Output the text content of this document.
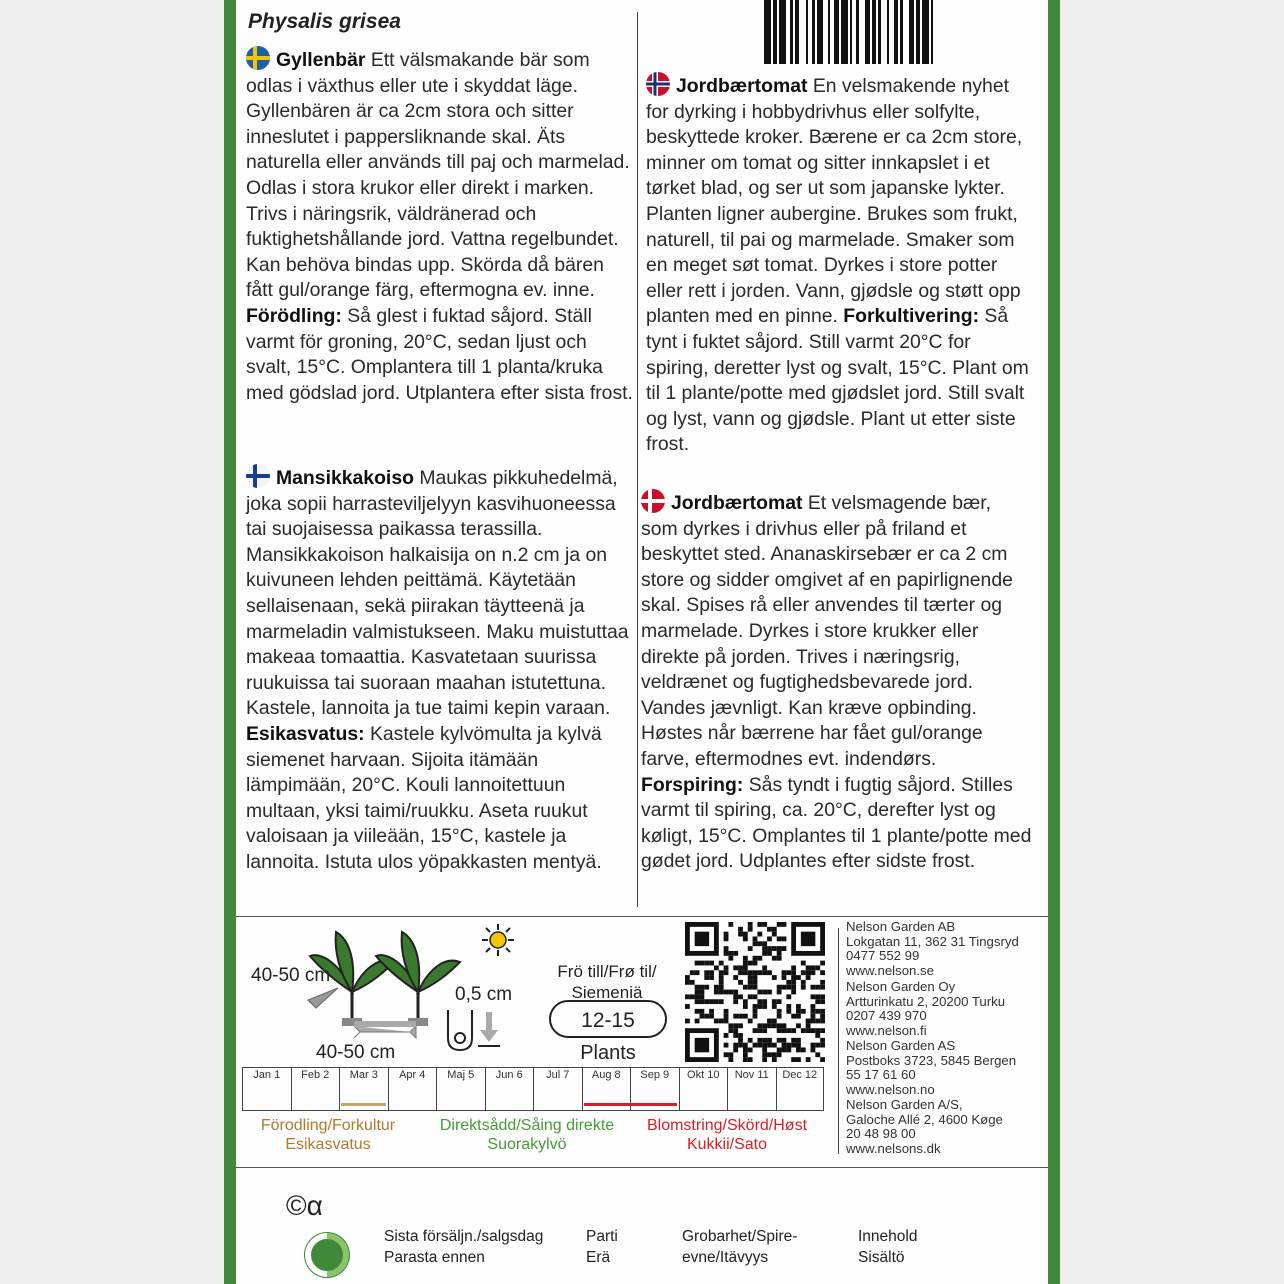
Physalis grisea
Gyllenbär Ett välsmakande bär som odlas i växthus eller ute i skyddat läge. Gyllenbären är ca 2cm stora och sitter inneslutet i pappersliknande skal. Äts naturella eller används till paj och marmelad. Odlas i stora krukor eller direkt i marken. Trivs i näringsrik, väldränerad och fuktighetshållande jord. Vattna regelbundet. Kan behöva bindas upp. Skörda då bären fått gul/orange färg, eftermogna ev. inne. Förödling: Så glest i fuktad såjord. Ställ varmt för groning, 20°C, sedan ljust och svalt, 15°C. Omplantera till 1 planta/kruka med gödslad jord. Utplantera efter sista frost.
Jordbærtomat En velsmakende nyhet for dyrking i hobbydrivhus eller solfylte, beskyttede kroker. Bærene er ca 2cm store, minner om tomat og sitter innkapslet i et tørket blad, og ser ut som japanske lykter. Planten ligner aubergine. Brukes som frukt, naturell, til pai og marmelade. Smaker som en meget søt tomat. Dyrkes i store potter eller rett i jorden. Vann, gjødsle og støtt opp planten med en pinne. Forkultivering: Så tynt i fuktet såjord. Still varmt 20°C for spiring, deretter lyst og svalt, 15°C. Plant om til 1 plante/potte med gjødslet jord. Still svalt og lyst, vann og gjødsle. Plant ut etter siste frost.
Mansikkakoiso Maukas pikkuhedelmä, joka sopii harrasteviljelyyn kasvihuoneessa tai suojaisessa paikassa terassilla. Mansikkakoison halkaisija on n.2 cm ja on kuivuneen lehden peittämä. Käytetään sellaisenaan, sekä piirakan täytteenä ja marmeladin valmistukseen. Maku muistuttaa makeaa tomaattia. Kasvatetaan suurissa ruukuissa tai suoraan maahan istutettuna. Kastele, lannoita ja tue taimi kepin varaan. Esikasvatus: Kastele kylvömulta ja kylvä siemenet harvaan. Sijoita itämään lämpimään, 20°C. Kouli lannoitettuun multaan, yksi taimi/ruukku. Aseta ruukut valoisaan ja viileään, 15°C, kastele ja lannoita. Istuta ulos yöpakkasten mentyä.
Jordbærtomat Et velsmagende bær, som dyrkes i drivhus eller på friland et beskyttet sted. Ananaskirsebær er ca 2 cm store og sidder omgivet af en papirlignende skal. Spises rå eller anvendes til tærter og marmelade. Dyrkes i store krukker eller direkte på jorden. Trives i næringsrig, veldrænet og fugtighedsbevarede jord. Vandes jævnligt. Kan kræve opbinding. Høstes når bærrene har fået gul/orange farve, eftermodnes evt. indendørs. Forspiring: Sås tyndt i fugtig såjord. Stilles varmt til spiring, ca. 20°C, derefter lyst og køligt, 15°C. Omplantes til 1 plante/potte med gødet jord. Udplantes efter sidste frost.
40-50 cm
40-50 cm
0,5 cm
Frö till/Frø til/ Siemeniä
12-15
Plants
Nelson Garden AB
Lokgatan 11, 362 31 Tingsryd
0477 552 99
www.nelson.se
Nelson Garden Oy
Artturinkatu 2, 20200 Turku
0207 439 970
www.nelson.fi
Nelson Garden AS
Postboks 3723, 5845 Bergen
55 17 61 60
www.nelson.no
Nelson Garden A/S,
Galoche Allé 2, 4600 Køge
20 48 98 00
www.nelsons.dk
Jan 1	Feb 2	Mar 3	Apr 4	Maj 5	Jun 6	Jul 7	Aug 8	Sep 9	Okt 10	Nov 11	Dec 12
Förodling/Forkultur
Esikasvatus
Direktsådd/Såing direkte
Suorakylvö
Blomstring/Skörd/Høst
Kukkii/Sato
©α
Sista försäljn./salgsdag
Parasta ennen
Parti
Erä
Grobarhet/Spire-
evne/Itävyys
Innehold
Sisältö
